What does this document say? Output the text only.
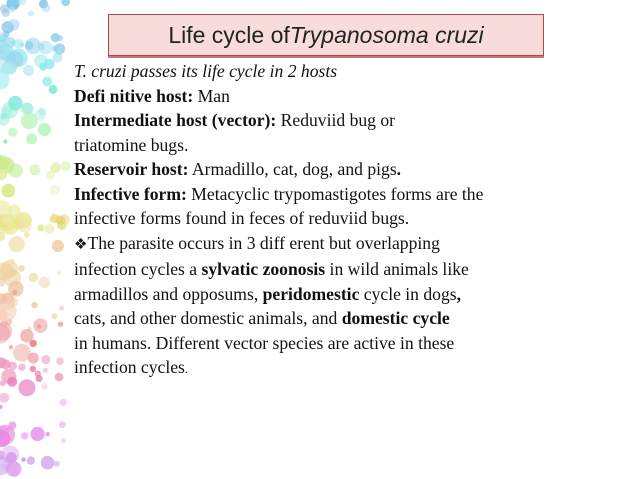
Life cycle of Trypanosoma cruzi
T. cruzi passes its life cycle in 2 hosts
Defi nitive host: Man
Intermediate host (vector): Reduviid bug or
triatomine bugs.
Reservoir host: Armadillo, cat, dog, and pigs.
Infective form: Metacyclic trypomastigotes forms are the
infective forms found in feces of reduviid bugs.
❖The parasite occurs in 3 diff erent but overlapping
infection cycles a sylvatic zoonosis in wild animals like
armadillos and opposums, peridomestic cycle in dogs,
cats, and other domestic animals, and domestic cycle
in humans. Different vector species are active in these
infection cycles.
